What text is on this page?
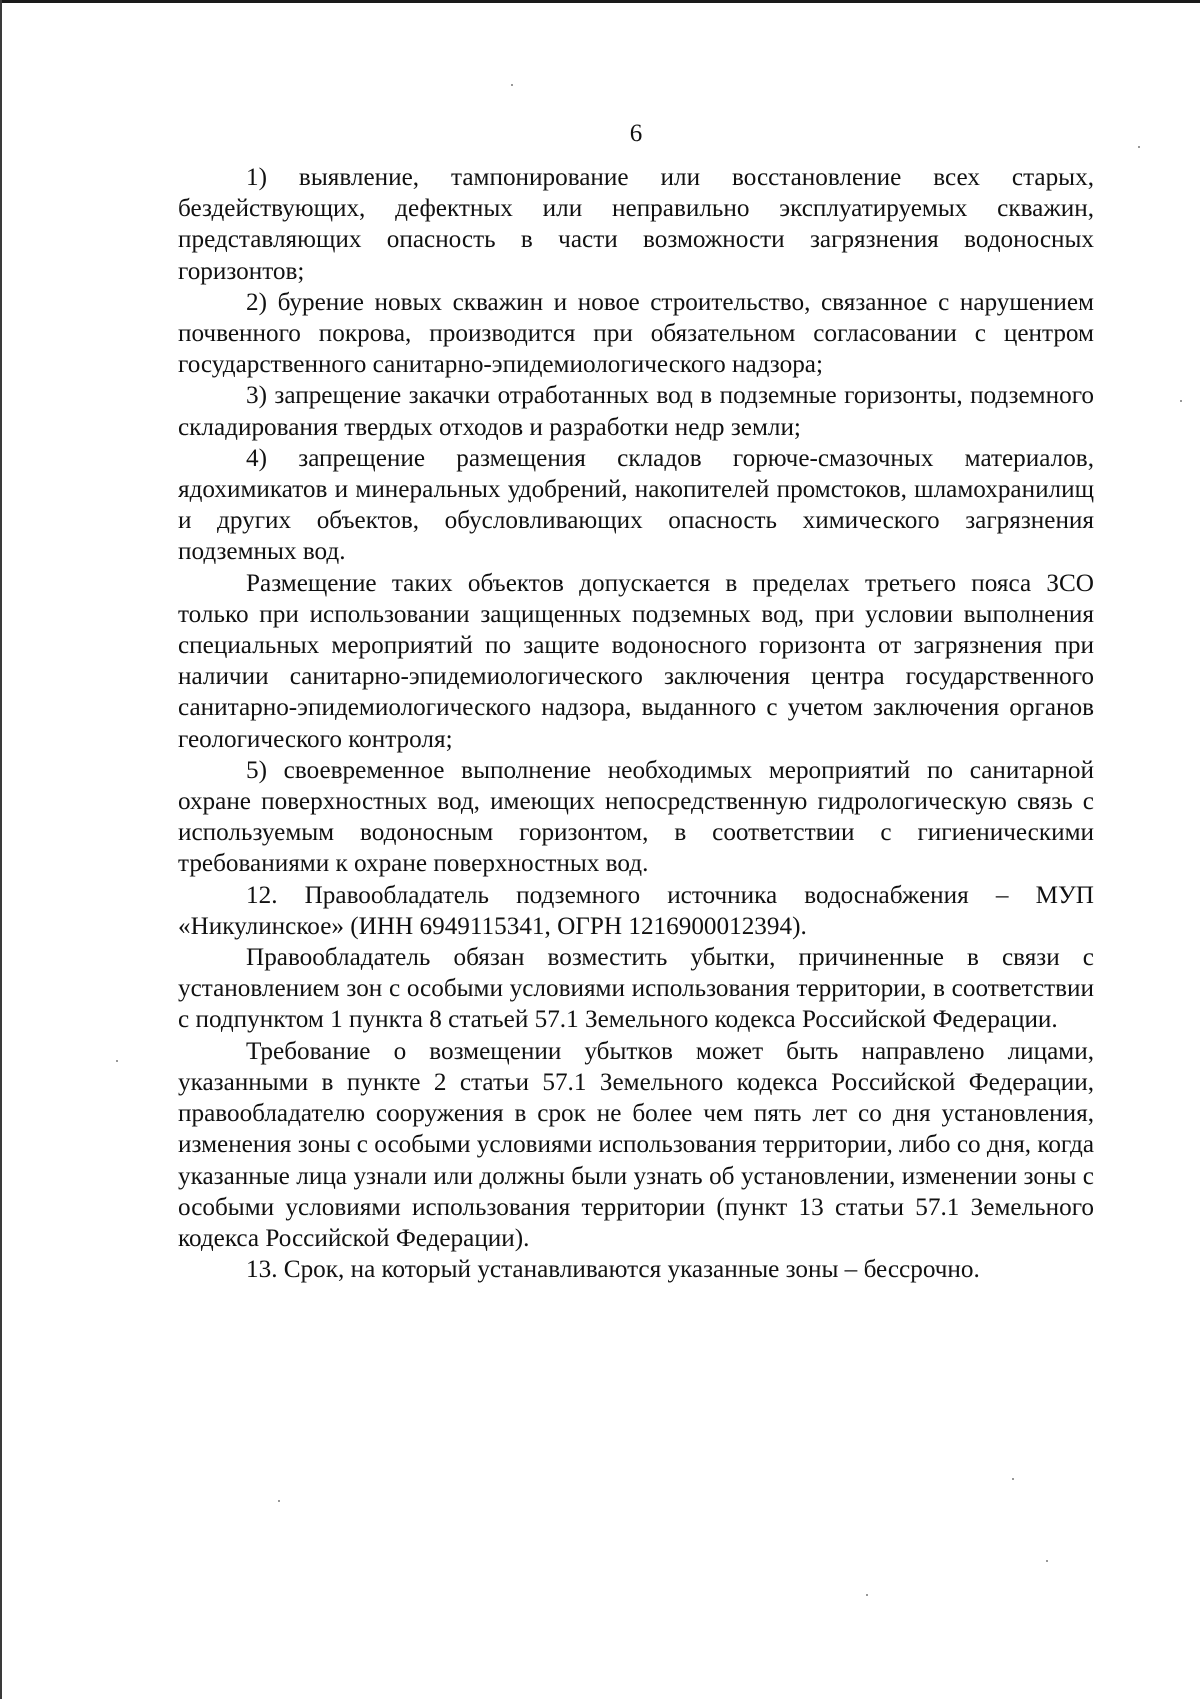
6

1) выявление, тампонирование или восстановление всех старых, бездействующих, дефектных или неправильно эксплуатируемых скважин, представляющих опасность в части возможности загрязнения водоносных горизонтов;

2) бурение новых скважин и новое строительство, связанное с нарушением почвенного покрова, производится при обязательном согласовании с центром государственного санитарно-эпидемиологического надзора;

3) запрещение закачки отработанных вод в подземные горизонты, подземного складирования твердых отходов и разработки недр земли;

4) запрещение размещения складов горюче-смазочных материалов, ядохимикатов и минеральных удобрений, накопителей промстоков, шламохранилищ и других объектов, обусловливающих опасность химического загрязнения подземных вод.

Размещение таких объектов допускается в пределах третьего пояса ЗСО только при использовании защищенных подземных вод, при условии выполнения специальных мероприятий по защите водоносного горизонта от загрязнения при наличии санитарно-эпидемиологического заключения центра государственного санитарно-эпидемиологического надзора, выданного с учетом заключения органов геологического контроля;

5) своевременное выполнение необходимых мероприятий по санитарной охране поверхностных вод, имеющих непосредственную гидрологическую связь с используемым водоносным горизонтом, в соответствии с гигиеническими требованиями к охране поверхностных вод.

12. Правообладатель подземного источника водоснабжения – МУП «Никулинское» (ИНН 6949115341, ОГРН 1216900012394).

Правообладатель обязан возместить убытки, причиненные в связи с установлением зон с особыми условиями использования территории, в соответствии с подпунктом 1 пункта 8 статьей 57.1 Земельного кодекса Российской Федерации.

Требование о возмещении убытков может быть направлено лицами, указанными в пункте 2 статьи 57.1 Земельного кодекса Российской Федерации, правообладателю сооружения в срок не более чем пять лет со дня установления, изменения зоны с особыми условиями использования территории, либо со дня, когда указанные лица узнали или должны были узнать об установлении, изменении зоны с особыми условиями использования территории (пункт 13 статьи 57.1 Земельного кодекса Российской Федерации).

13. Срок, на который устанавливаются указанные зоны – бессрочно.
